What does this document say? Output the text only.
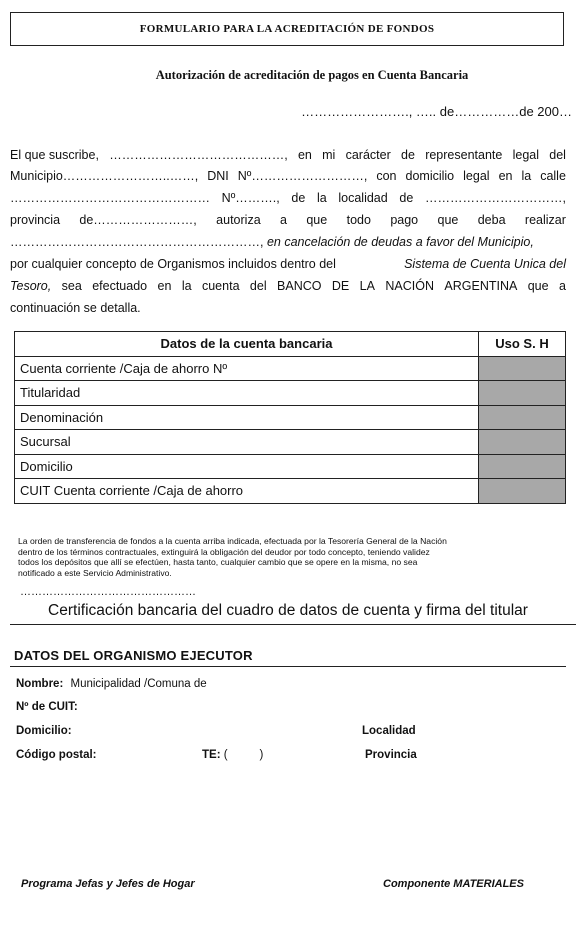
FORMULARIO PARA LA ACREDITACIÓN DE FONDOS
Autorización de acreditación de pagos en Cuenta Bancaria
……………………., ….. de……………de 200…
El que suscribe, ……………………………………, en mi carácter de representante legal del
Municipio……………………..……, DNI Nº………………………, con domicilio legal en la calle
………………………………………… Nº………., de la localidad de ……………………………,
provincia de……………………, autoriza a que todo pago que deba realizar
……………………………………………………, en cancelación de deudas a favor del Municipio,
por cualquier concepto de Organismos incluidos dentro del	Sistema de Cuenta Unica del
Tesoro, sea efectuado en la cuenta del BANCO DE LA NACIÓN ARGENTINA que a
continuación se detalla.
Datos de la cuenta bancaria	Uso S. H
Cuenta corriente /Caja de ahorro Nº	
Titularidad	
Denominación	
Sucursal	
Domicilio	
CUIT Cuenta corriente /Caja de ahorro	

La orden de transferencia de fondos a la cuenta arriba indicada, efectuada por la Tesorería General de la Nación

dentro de los términos contractuales, extinguirá la obligación del deudor por todo concepto, teniendo validez

todos los depósitos que allí se efectúen, hasta tanto, cualquier cambio que se opere en la misma, no sea

notificado a este Servicio Administrativo.

…………………………………………
Certificación bancaria del cuadro de datos de cuenta y firma del titular
DATOS DEL ORGANISMO EJECUTOR
Nombre: Municipalidad /Comuna de
Nº de CUIT:
Domicilio:	Localidad
Código postal:	TE: (          )	Provincia
Programa Jefas y Jefes de Hogar	Componente MATERIALES
